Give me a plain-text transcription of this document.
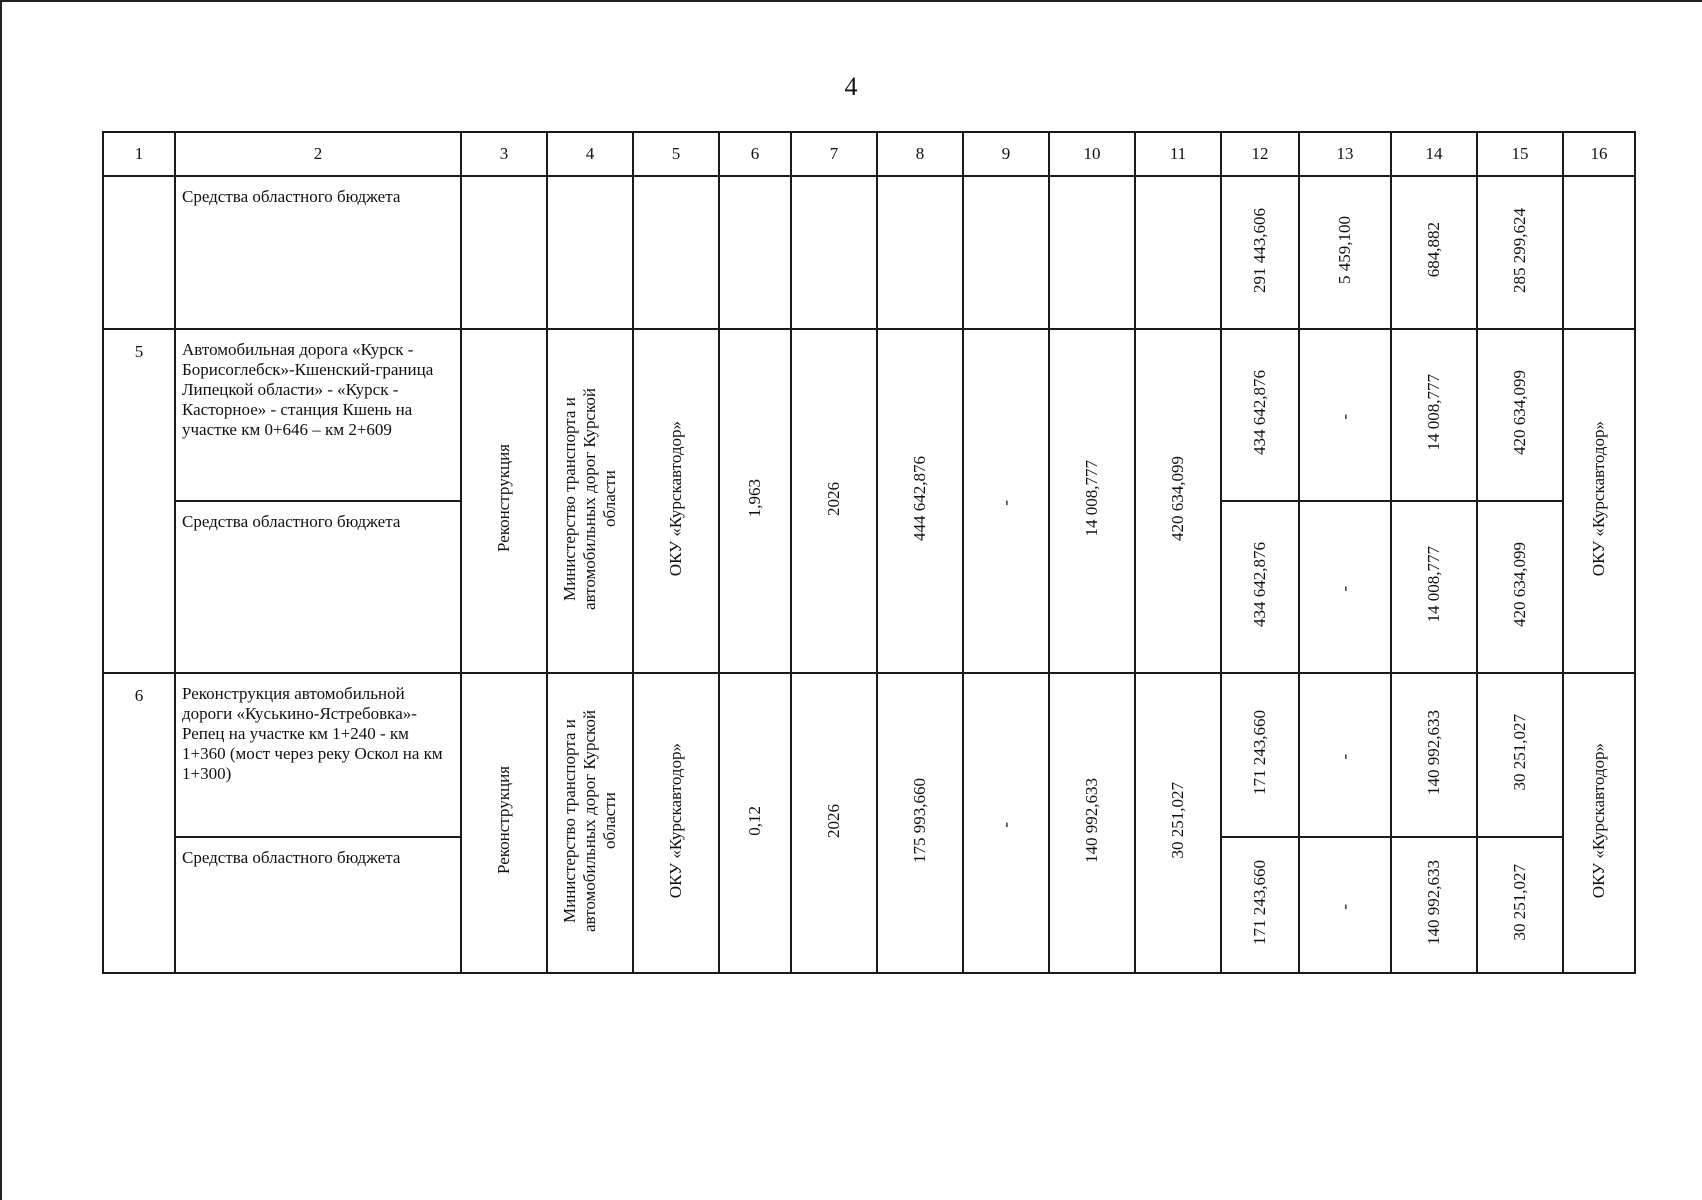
4
1	2	3	4	5	6	7	8	9	10	11	12	13	14	15	16
	Средства областного бюджета										291 443,606	5 459,100	684,882	285 299,624	
5	Автомобильная дорога «Курск - Борисоглебск»-Кшенский-граница Липецкой области» - «Курск - Касторное» - станция Кшень на участке км 0+646 – км 2+609	Реконструкция	Министерство транспорта и автомобильных дорог Курской области	ОКУ «Курскавтодор»	1,963	2026	444 642,876	-	14 008,777	420 634,099	434 642,876	-	14 008,777	420 634,099	ОКУ «Курскавтодор»
	Средства областного бюджета										434 642,876	-	14 008,777	420 634,099	
6	Реконструкция автомобильной дороги «Куськино-Ястребовка»-Репец на участке км 1+240 - км 1+360 (мост через реку Оскол на км 1+300)	Реконструкция	Министерство транспорта и автомобильных дорог Курской области	ОКУ «Курскавтодор»	0,12	2026	175 993,660	-	140 992,633	30 251,027	171 243,660	-	140 992,633	30 251,027	ОКУ «Курскавтодор»
	Средства областного бюджета										171 243,660	-	140 992,633	30 251,027	
